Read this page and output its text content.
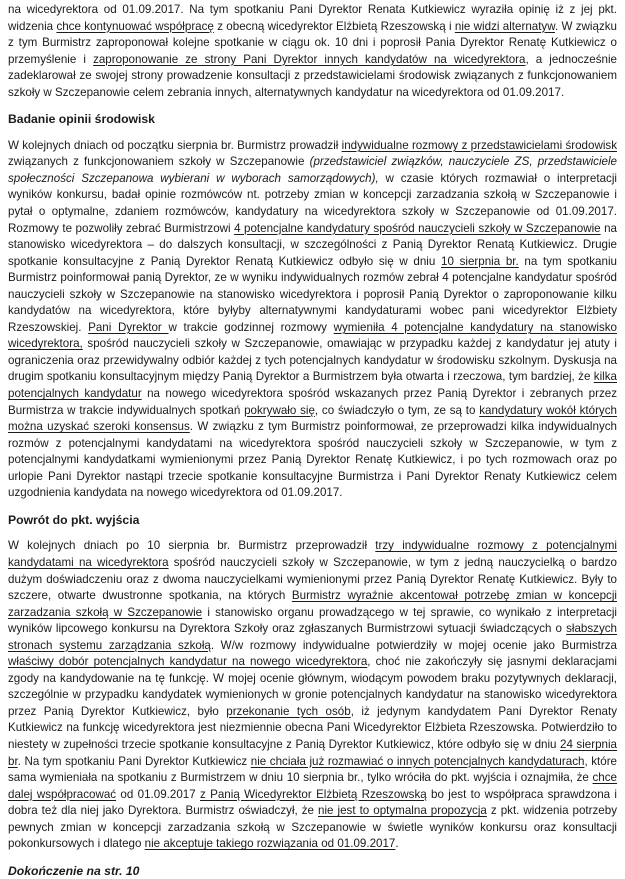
na wicedyrektora od 01.09.2017. Na tym spotkaniu Pani Dyrektor Renata Kutkiewicz wyraziła opinię iż z jej pkt. widzenia chce kontynuować współpracę z obecną wicedyrektor Elżbietą Rzeszowską i nie widzi alternatyw. W związku z tym Burmistrz zaproponował kolejne spotkanie w ciągu ok. 10 dni i poprosił Pania Dyrektor Renatę Kutkiewicz o przemyślenie i zaproponowanie ze strony Pani Dyrektor innych kandydatów na wicedyrektora, a jednocześnie zadeklarował ze swojej strony prowadzenie konsultacji z przedstawicielami środowisk związanych z funkcjonowaniem szkoły w Szczepanowie celem zebrania innych, alternatywnych kandydatur na wicedyrektora od 01.09.2017.

Badanie opinii środowisk

W kolejnych dniach od początku sierpnia br. Burmistrz prowadził indywidualne rozmowy z przedstawicielami środowisk związanych z funkcjonowaniem szkoły w Szczepanowie (przedstawiciel związków, nauczyciele ZS, przedstawiciele społeczności Szczepanowa wybierani w wyborach samorządowych), w czasie których rozmawiał o interpretacji wyników konkursu, badał opinie rozmówców nt. potrzeby zmian w koncepcji zarzadzania szkołą w Szczepanowie i pytał o optymalne, zdaniem rozmówców, kandydatury na wicedyrektora szkoły w Szczepanowie od 01.09.2017. Rozmowy te pozwoliły zebrać Burmistrzowi 4 potencjalne kandydatury spośród nauczycieli szkoły w Szczepanowie na stanowisko wicedyrektora – do dalszych konsultacji, w szczególności z Panią Dyrektor Renatą Kutkiewicz. Drugie spotkanie konsultacyjne z Panią Dyrektor Renatą Kutkiewicz odbyło się w dniu 10 sierpnia br. na tym spotkaniu Burmistrz poinformował panią Dyrektor, ze w wyniku indywidualnych rozmów zebrał 4 potencjalne kandydatur spośród nauczycieli szkoły w Szczepanowie na stanowisko wicedyrektora i poprosił Panią Dyrektor o zaproponowanie kilku kandydatów na wicedyrektora, które byłyby alternatywnymi kandydaturami wobec pani wicedyrektor Elżbiety Rzeszowskiej. Pani Dyrektor w trakcie godzinnej rozmowy wymieniła 4 potencjalne kandydatury na stanowisko wicedyrektora, spośród nauczycieli szkoły w Szczepanowie, omawiając w przypadku każdej z kandydatur jej atuty i ograniczenia oraz przewidywalny odbiór każdej z tych potencjalnych kandydatur w środowisku szkolnym. Dyskusja na drugim spotkaniu konsultacyjnym między Panią Dyrektor a Burmistrzem była otwarta i rzeczowa, tym bardziej, że kilka potencjalnych kandydatur na nowego wicedyrektora spośród wskazanych przez Panią Dyrektor i zebranych przez Burmistrza w trakcie indywidualnych spotkań pokrywało się, co świadczyło o tym, ze są to kandydatury wokół których można uzyskać szeroki konsensus. W związku z tym Burmistrz poinformował, ze przeprowadzi kilka indywidualnych rozmów z potencjalnymi kandydatami na wicedyrektora spośród nauczycieli szkoły w Szczepanowie, w tym z potencjalnymi kandydatkami wymienionymi przez Panią Dyrektor Renatę Kutkiewicz, i po tych rozmowach oraz po urlopie Pani Dyrektor nastąpi trzecie spotkanie konsultacyjne Burmistrza i Pani Dyrektor Renaty Kutkiewicz celem uzgodnienia kandydata na nowego wicedyrektora od 01.09.2017.

Powrót do pkt. wyjścia

W kolejnych dniach po 10 sierpnia br. Burmistrz przeprowadził trzy indywidualne rozmowy z potencjalnymi kandydatami na wicedyrektora spośród nauczycieli szkoły w Szczepanowie, w tym z jedną nauczycielką o bardzo dużym doświadczeniu oraz z dwoma nauczycielkami wymienionymi przez Panią Dyrektor Renatę Kutkiewicz. Były to szczere, otwarte dwustronne spotkania, na których Burmistrz wyraźnie akcentował potrzebę zmian w koncepcji zarzadzania szkołą w Szczepanowie i stanowisko organu prowadzącego w tej sprawie, co wynikało z interpretacji wyników lipcowego konkursu na Dyrektora Szkoły oraz zgłaszanych Burmistrzowi sytuacji świadczących o słabszych stronach systemu zarządzania szkołą. W/w rozmowy indywidualne potwierdziły w mojej ocenie jako Burmistrza właściwy dobór potencjalnych kandydatur na nowego wicedyrektora, choć nie zakończyły się jasnymi deklaracjami zgody na kandydowanie na tę funkcję. W mojej ocenie głównym, wiodącym powodem braku pozytywnych deklaracji, szczególnie w przypadku kandydatek wymienionych w gronie potencjalnych kandydatur na stanowisko wicedyrektora przez Panią Dyrektor Kutkiewicz, było przekonanie tych osób, iż jedynym kandydatem Pani Dyrektor Renaty Kutkiewicz na funkcję wicedyrektora jest niezmiennie obecna Pani Wicedyrektor Elżbieta Rzeszowska. Potwierdziło to niestety w zupełności trzecie spotkanie konsultacyjne z Panią Dyrektor Kutkiewicz, które odbyło się w dniu 24 sierpnia br. Na tym spotkaniu Pani Dyrektor Kutkiewicz nie chciała już rozmawiać o innych potencjalnych kandydaturach, które sama wymieniała na spotkaniu z Burmistrzem w dniu 10 sierpnia br., tylko wróciła do pkt. wyjścia i oznajmiła, że chce dalej współpracować od 01.09.2017 z Panią Wicedyrektor Elżbietą Rzeszowską bo jest to współpraca sprawdzona i dobra też dla niej jako Dyrektora. Burmistrz oświadczył, że nie jest to optymalna propozycja z pkt. widzenia potrzeby pewnych zmian w koncepcji zarzadzania szkołą w Szczepanowie w świetle wyników konkursu oraz konsultacji pokonkursowych i dlatego nie akceptuje takiego rozwiązania od 01.09.2017.

Dokończenie na str. 10
